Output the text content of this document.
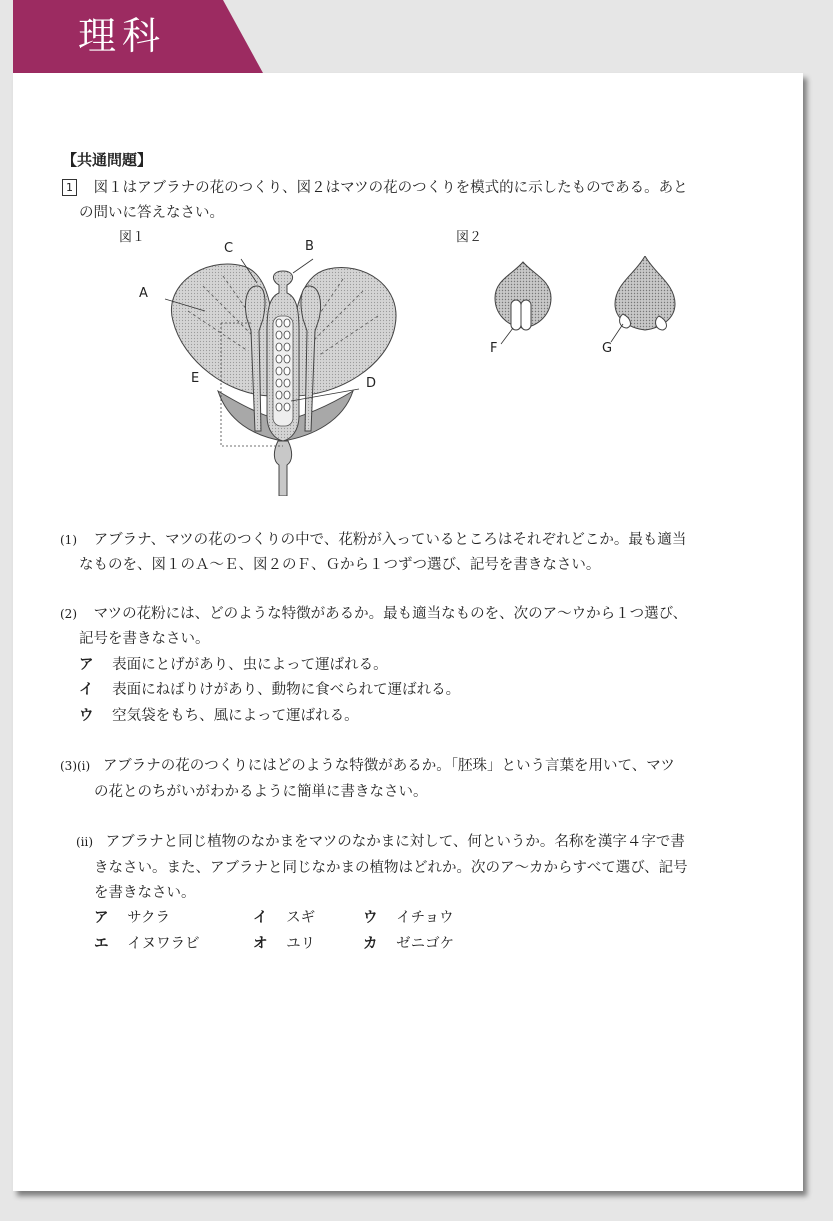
理科
【共通問題】
1 図１はアブラナの花のつくり、図２はマツの花のつくりを模式的に示したものである。あと
の問いに答えなさい。
図１	図２
A
B
C
D
E
F	G
(1) アブラナ、マツの花のつくりの中で、花粉が入っているところはそれぞれどこか。最も適当
なものを、図１のＡ～Ｅ、図２のＦ、Ｇから１つずつ選び、記号を書きなさい。
(2) マツの花粉には、どのような特徴があるか。最も適当なものを、次のア～ウから１つ選び、
記号を書きなさい。
ア 表面にとげがあり、虫によって運ばれる。
イ 表面にねばりけがあり、動物に食べられて運ばれる。
ウ 空気袋をもち、風によって運ばれる。
(3)(ⅰ) アブラナの花のつくりにはどのような特徴があるか。「胚珠」という言葉を用いて、マツ
の花とのちがいがわかるように簡単に書きなさい。
(ⅱ) アブラナと同じ植物のなかまをマツのなかまに対して、何というか。名称を漢字４字で書
きなさい。また、アブラナと同じなかまの植物はどれか。次のア～カからすべて選び、記号
を書きなさい。
ア サクラ	イ スギ	ウ イチョウ
エ イヌワラビ	オ ユリ	カ ゼニゴケ
